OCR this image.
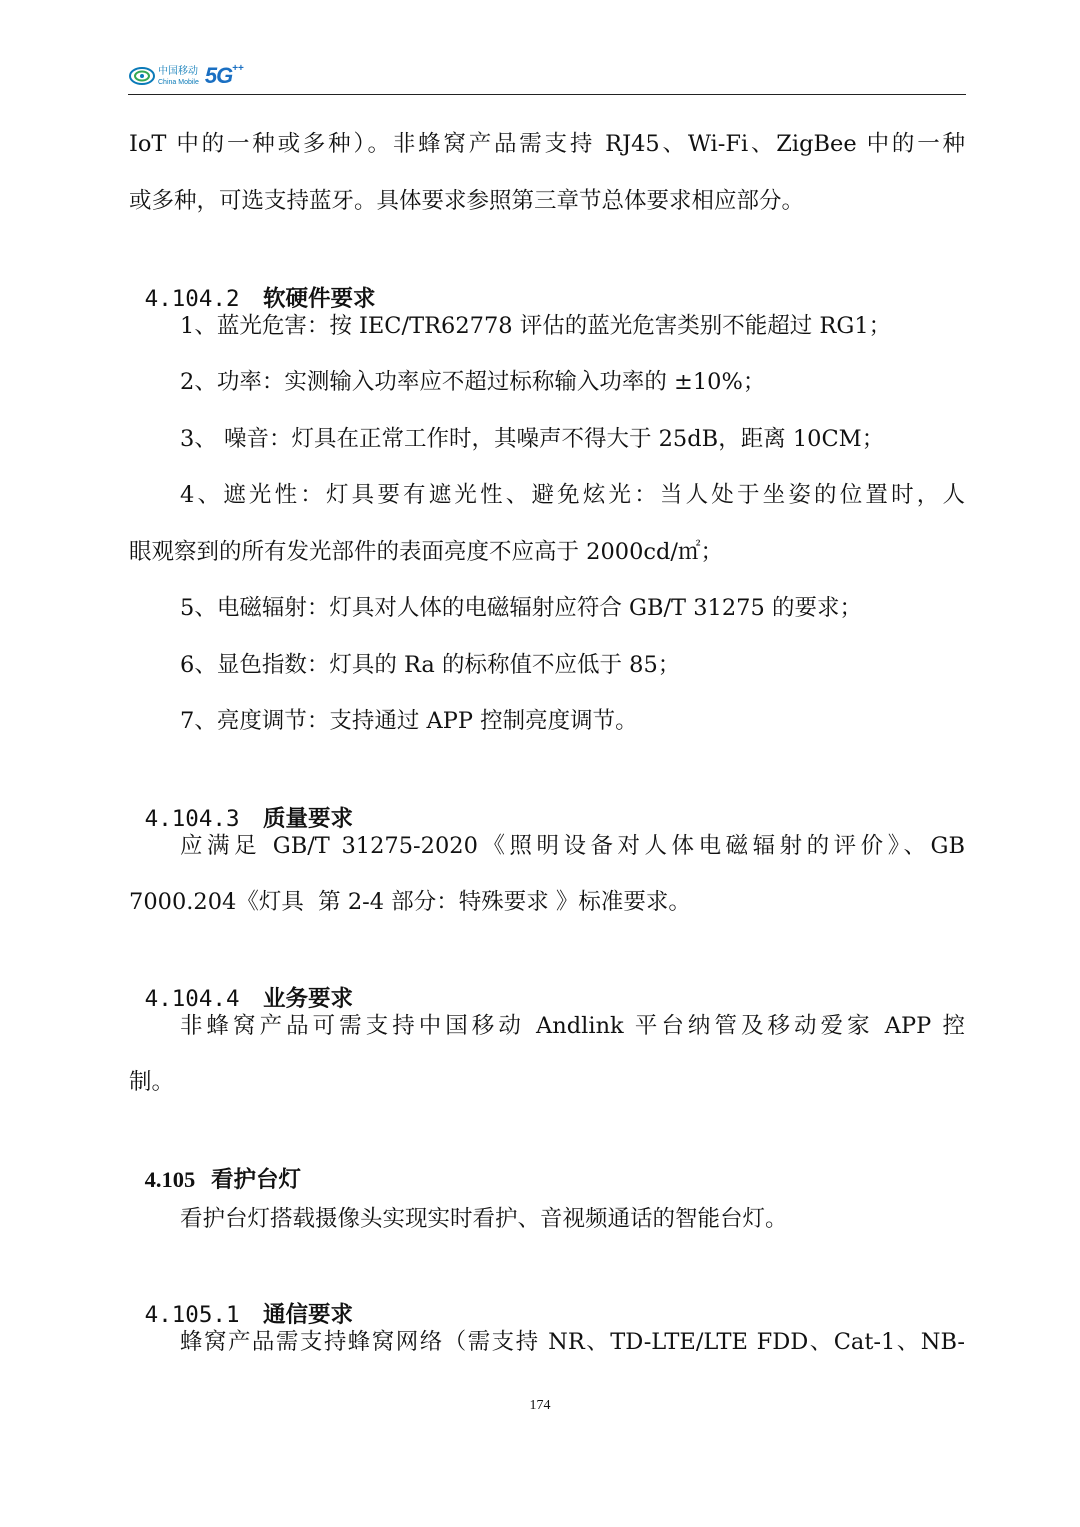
中国移动
China Mobile 5G ++

IoT 中的一种或多种）。非蜂窝产品需支持 RJ45、Wi-Fi、ZigBee 中的一种

或多种，可选支持蓝牙。具体要求参照第三章节总体要求相应部分。

4.104.2 软硬件要求

1、蓝光危害：按 IEC/TR62778 评估的蓝光危害类别不能超过 RG1；

2、功率：实测输入功率应不超过标称输入功率的 ±10%；

3、 噪音：灯具在正常工作时，其噪声不得大于 25dB，距离 10CM；

4、遮光性：灯具要有遮光性、避免炫光：当人处于坐姿的位置时，人

眼观察到的所有发光部件的表面亮度不应高于 2000cd/㎡；

5、电磁辐射：灯具对人体的电磁辐射应符合 GB/T 31275 的要求；

6、显色指数：灯具的 Ra 的标称值不应低于 85；

7、亮度调节：支持通过 APP 控制亮度调节。

4.104.3 质量要求

应满足 GB/T 31275-2020《照明设备对人体电磁辐射的评价》、GB

7000.204《灯具  第 2-4 部分：特殊要求 》标准要求。

4.104.4 业务要求

非蜂窝产品可需支持中国移动 Andlink 平台纳管及移动爱家 APP 控

制。

4.105 看护台灯

看护台灯搭载摄像头实现实时看护、音视频通话的智能台灯。

4.105.1 通信要求

蜂窝产品需支持蜂窝网络（需支持 NR、TD-LTE/LTE FDD、Cat-1、NB-

174
